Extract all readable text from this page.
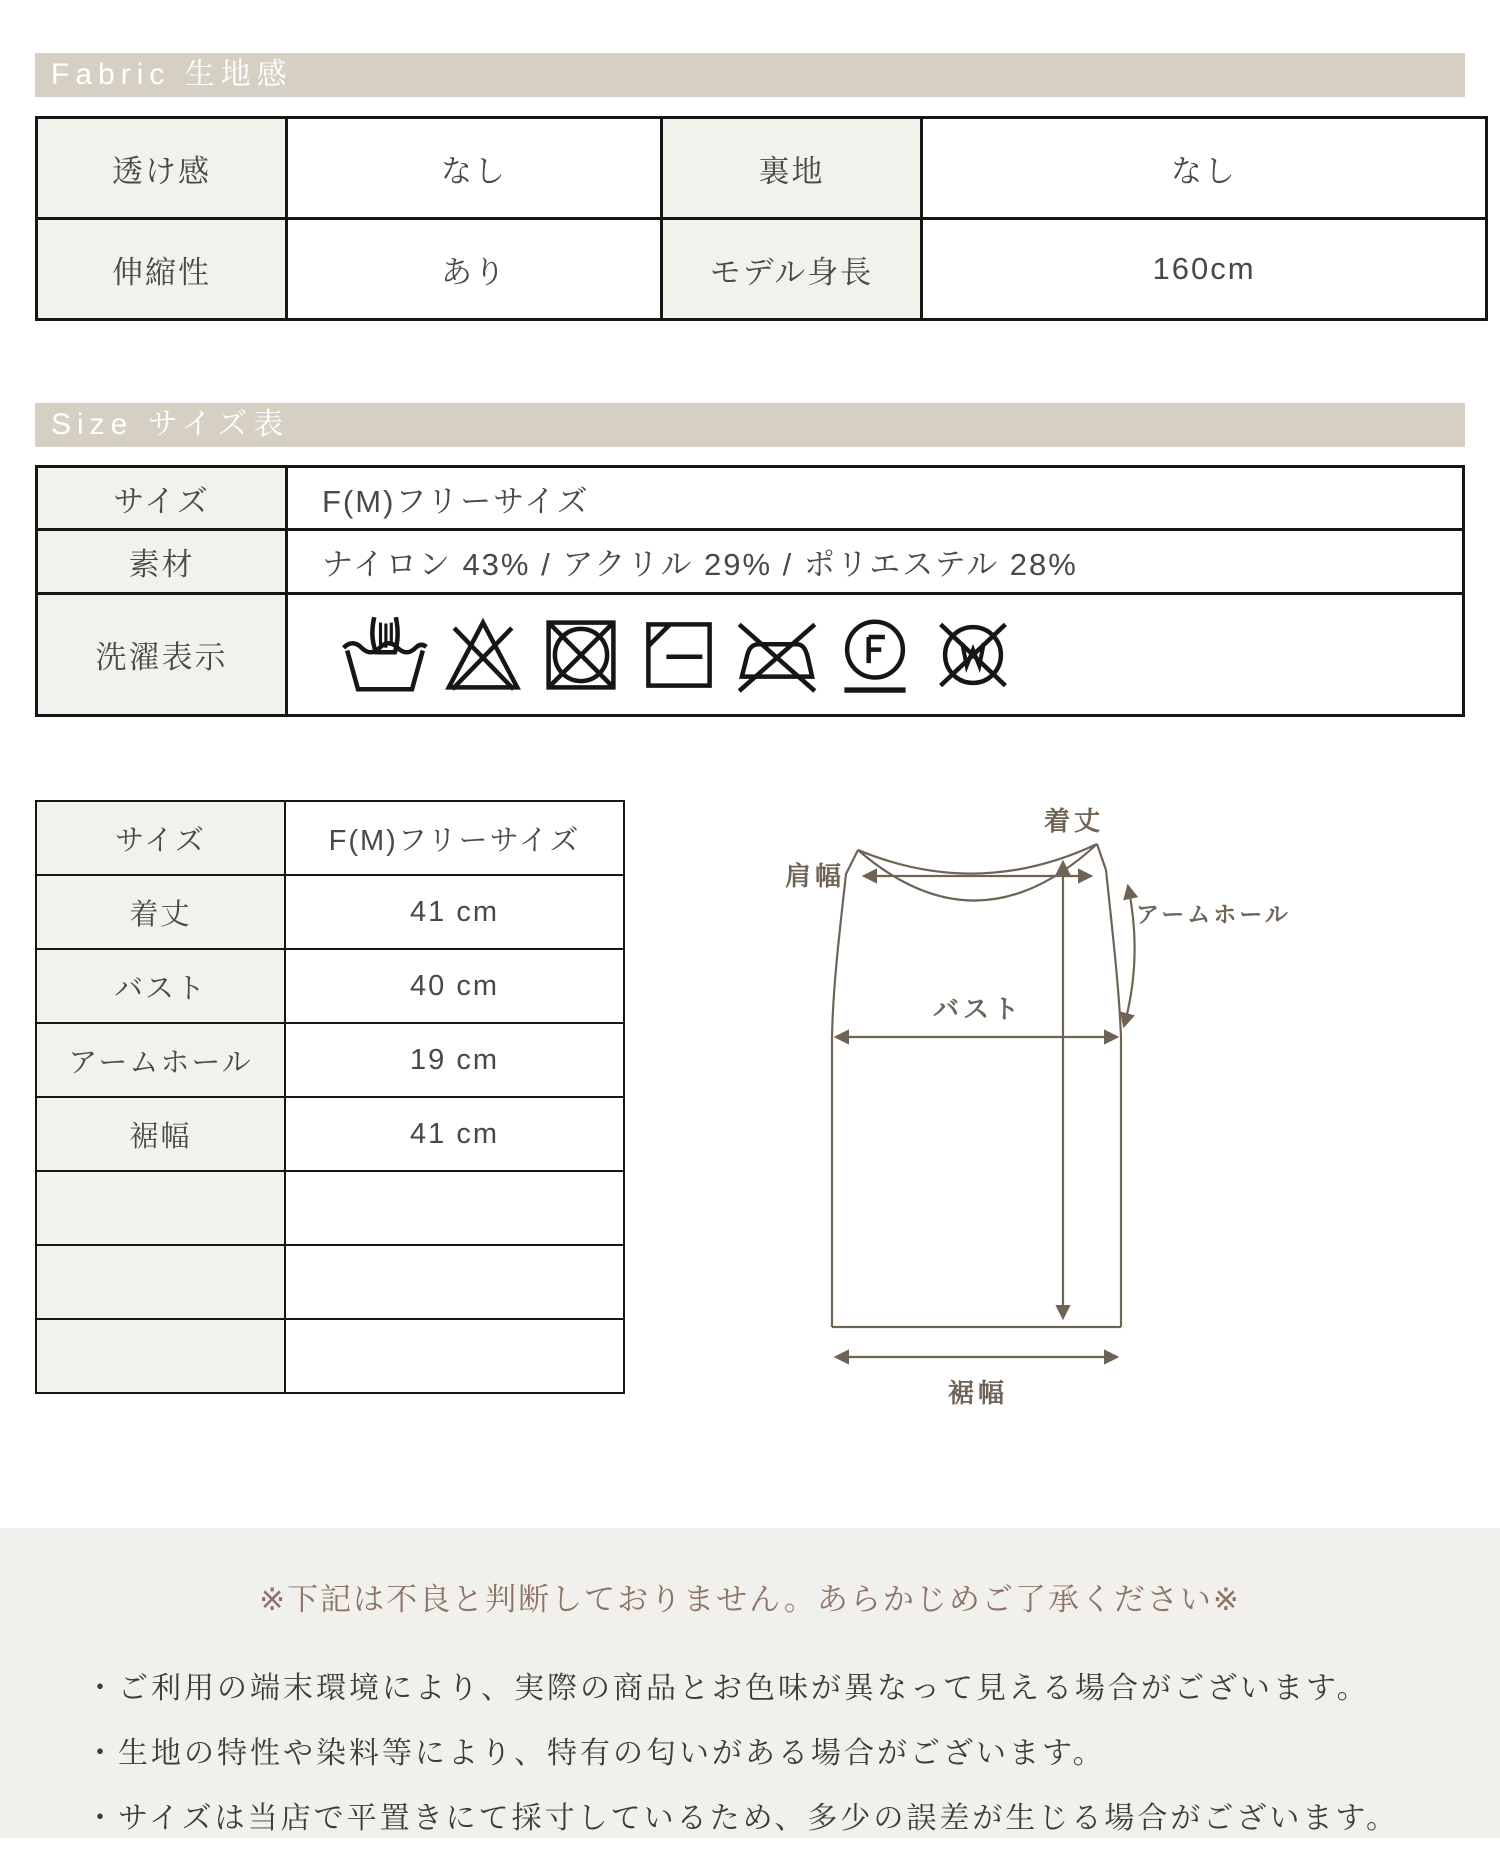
Fabric 生地感
透け感	なし	裏地	なし
伸縮性	あり	モデル身長	160cm
Size サイズ表
サイズ	F(M)フリーサイズ
素材	ナイロン 43% / アクリル 29% / ポリエステル 28%
洗濯表示	
サイズ	F(M)フリーサイズ
着丈	41 cm
バスト	40 cm
アームホール	19 cm
裾幅	41 cm

着丈
肩幅
アームホール
バスト
裾幅

※下記は不良と判断しておりません。あらかじめご了承ください※

・ご利用の端末環境により、実際の商品とお色味が異なって見える場合がございます。
・生地の特性や染料等により、特有の匂いがある場合がございます。
・サイズは当店で平置きにて採寸しているため、多少の誤差が生じる場合がございます。
